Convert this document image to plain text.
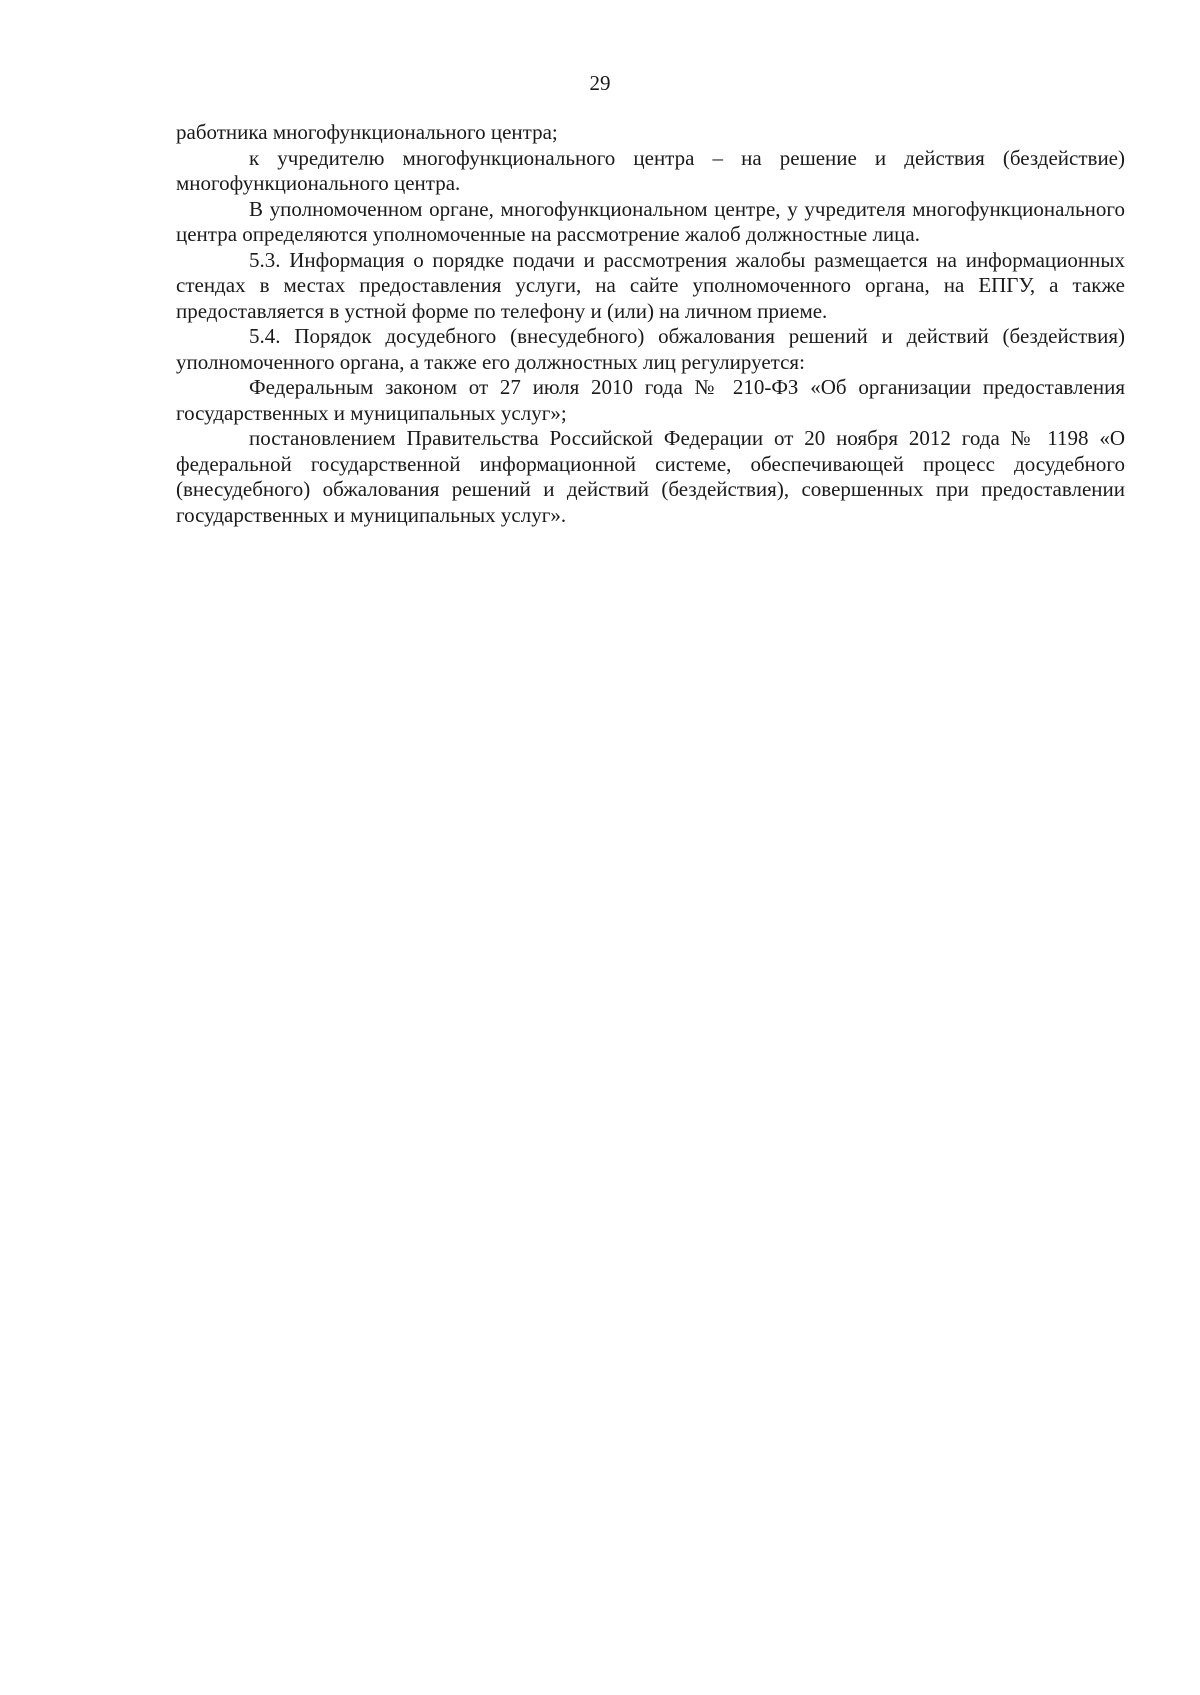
29

работника многофункционального центра;

к учредителю многофункционального центра – на решение и действия (бездействие) многофункционального центра.

В уполномоченном органе, многофункциональном центре, у учредителя многофункционального центра определяются уполномоченные на рассмотрение жалоб должностные лица.

5.3. Информация о порядке подачи и рассмотрения жалобы размещается на информационных стендах в местах предоставления услуги, на сайте уполномоченного органа, на ЕПГУ, а также предоставляется в устной форме по телефону и (или) на личном приеме.

5.4. Порядок досудебного (внесудебного) обжалования решений и действий (бездействия) уполномоченного органа, а также его должностных лиц регулируется:

Федеральным законом от 27 июля 2010 года № 210-ФЗ «Об организации предоставления государственных и муниципальных услуг»;

постановлением Правительства Российской Федерации от 20 ноября 2012 года № 1198 «О федеральной государственной информационной системе, обеспечивающей процесс досудебного (внесудебного) обжалования решений и действий (бездействия), совершенных при предоставлении государственных и муниципальных услуг».
